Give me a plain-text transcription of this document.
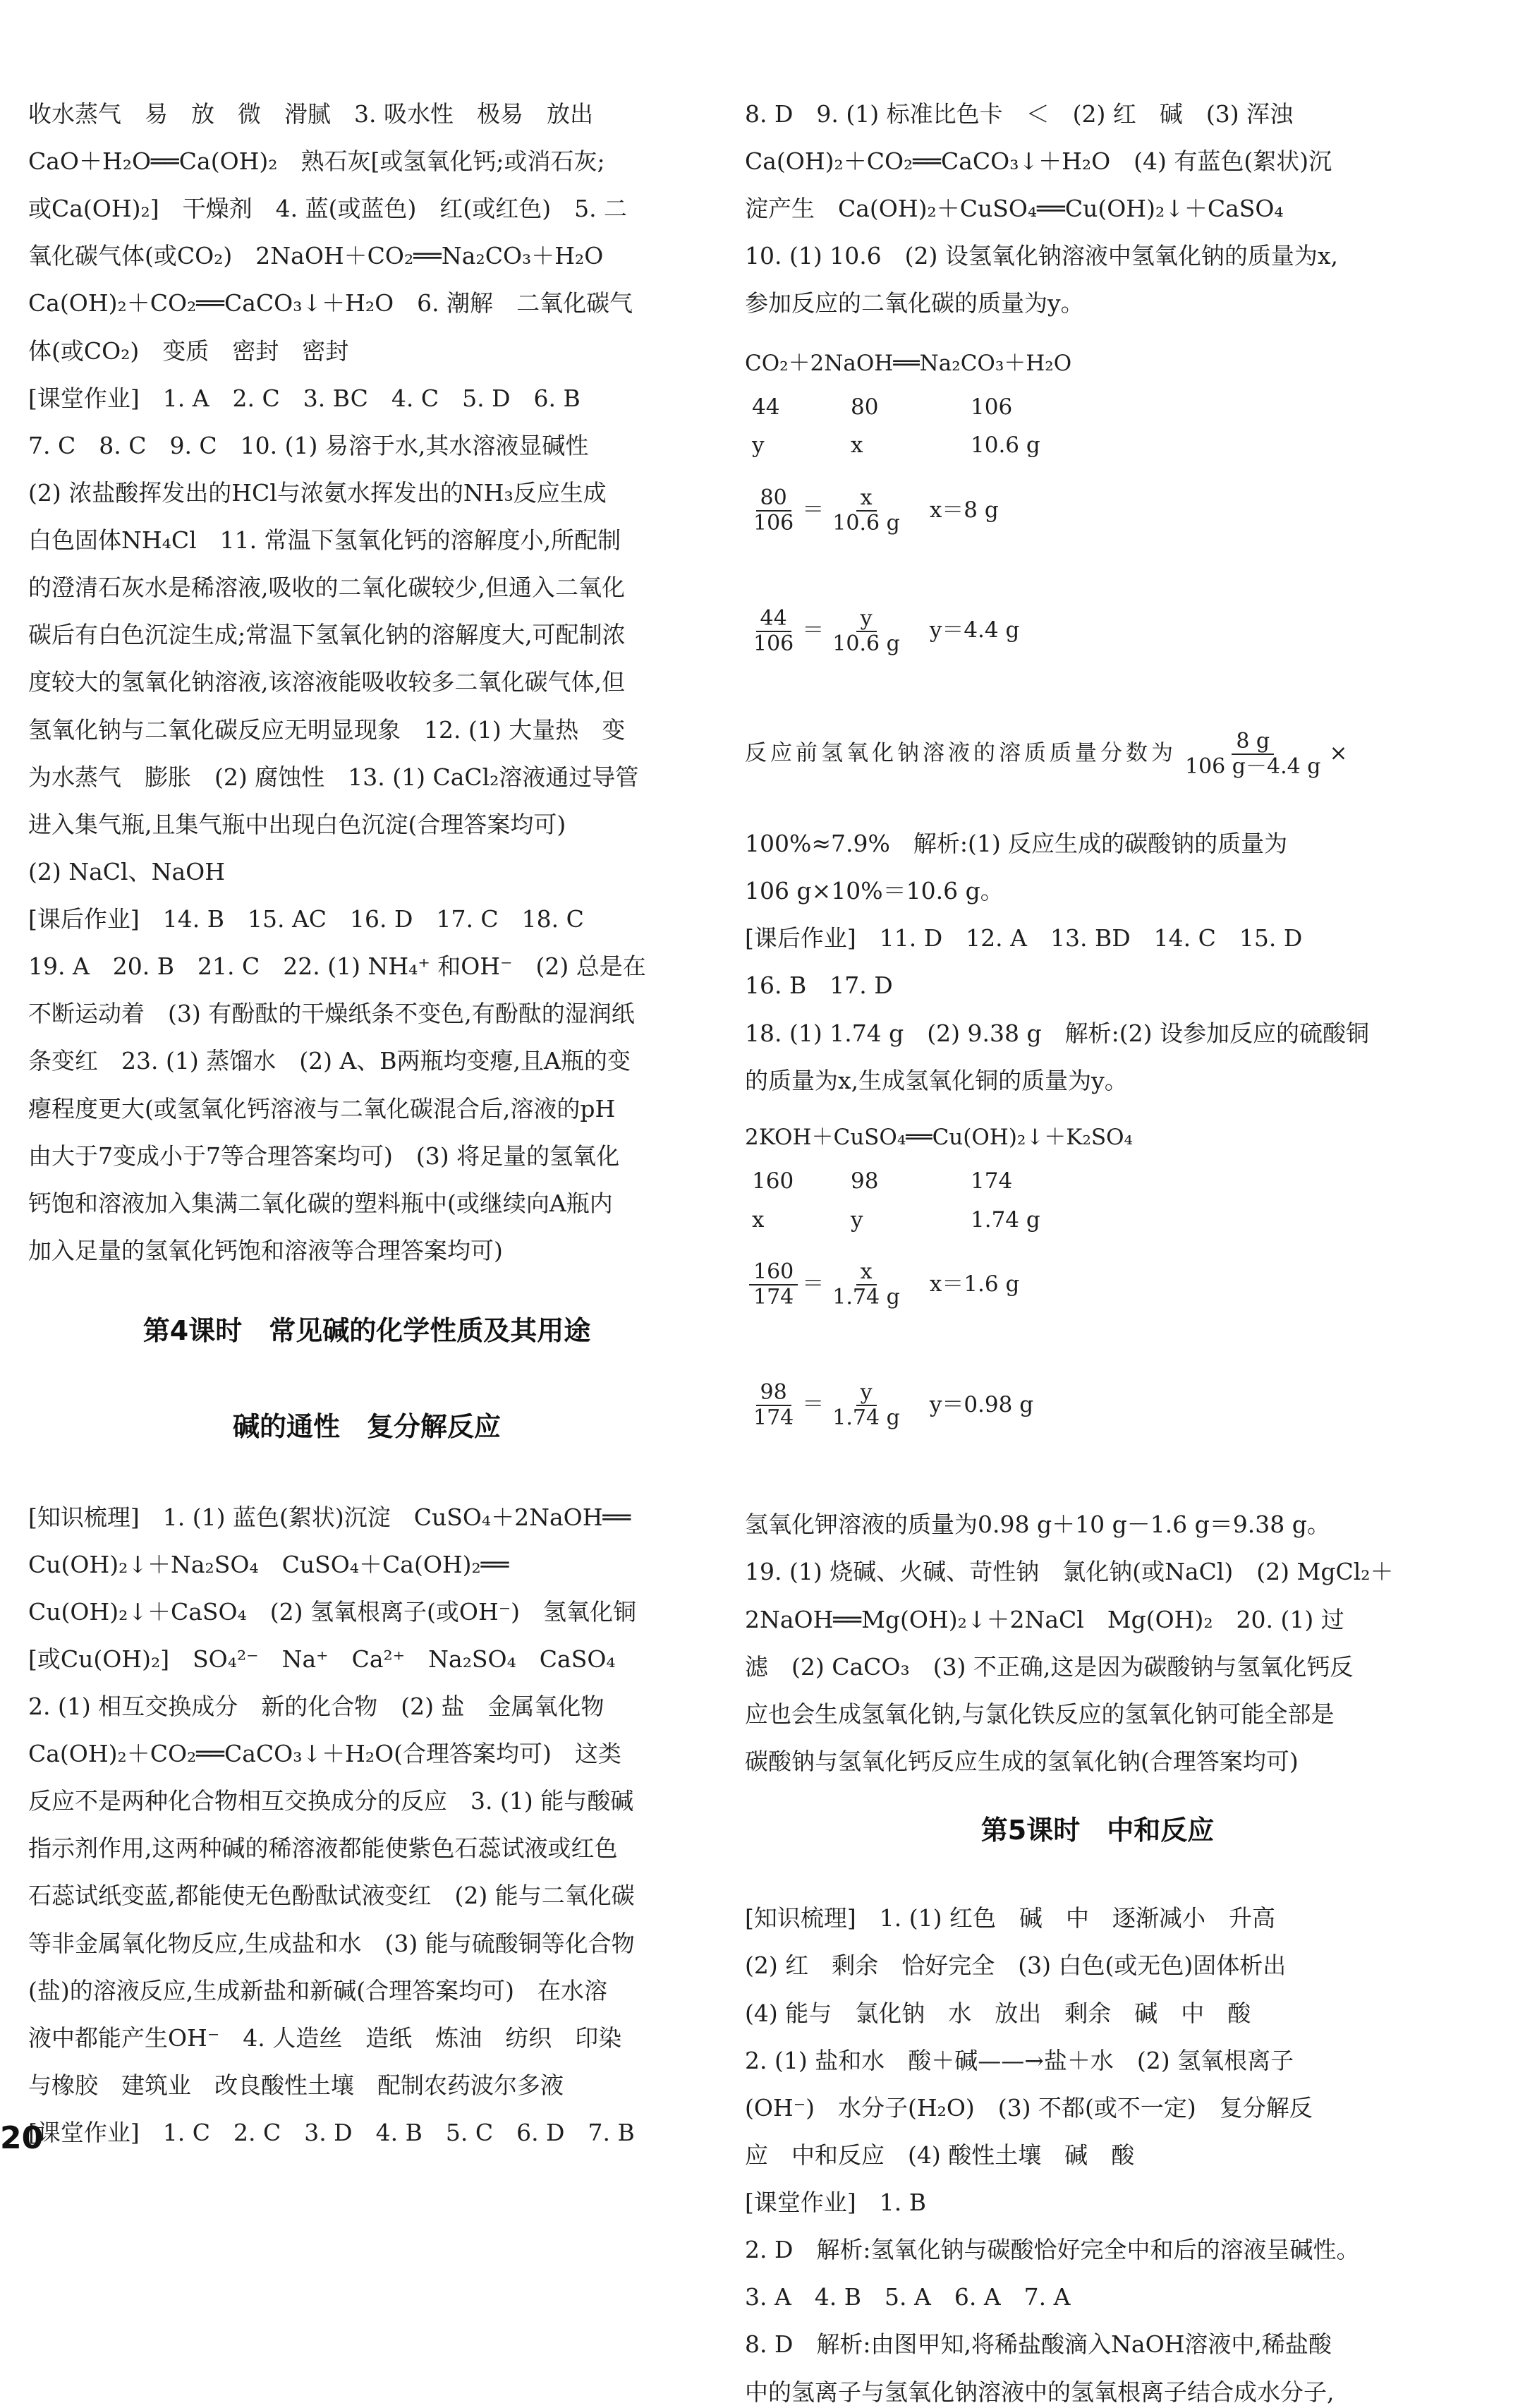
收水蒸气　易　放　微　滑腻　3. 吸水性　极易　放出
CaO＋H₂O══Ca(OH)₂　熟石灰[或氢氧化钙;或消石灰;
或Ca(OH)₂]　干燥剂　4. 蓝(或蓝色)　红(或红色)　5. 二
氧化碳气体(或CO₂)　2NaOH＋CO₂══Na₂CO₃＋H₂O
Ca(OH)₂＋CO₂══CaCO₃↓＋H₂O　6. 潮解　二氧化碳气
体(或CO₂)　变质　密封　密封
[课堂作业]　1. A　2. C　3. BC　4. C　5. D　6. B
7. C　8. C　9. C　10. (1) 易溶于水,其水溶液显碱性
(2) 浓盐酸挥发出的HCl与浓氨水挥发出的NH₃反应生成
白色固体NH₄Cl　11. 常温下氢氧化钙的溶解度小,所配制
的澄清石灰水是稀溶液,吸收的二氧化碳较少,但通入二氧化
碳后有白色沉淀生成;常温下氢氧化钠的溶解度大,可配制浓
度较大的氢氧化钠溶液,该溶液能吸收较多二氧化碳气体,但
氢氧化钠与二氧化碳反应无明显现象　12. (1) 大量热　变
为水蒸气　膨胀　(2) 腐蚀性　13. (1) CaCl₂溶液通过导管
进入集气瓶,且集气瓶中出现白色沉淀(合理答案均可)
(2) NaCl、NaOH
[课后作业]　14. B　15. AC　16. D　17. C　18. C
19. A　20. B　21. C　22. (1) NH₄⁺ 和OH⁻　(2) 总是在
不断运动着　(3) 有酚酞的干燥纸条不变色,有酚酞的湿润纸
条变红　23. (1) 蒸馏水　(2) A、B两瓶均变瘪,且A瓶的变
瘪程度更大(或氢氧化钙溶液与二氧化碳混合后,溶液的pH
由大于7变成小于7等合理答案均可)　(3) 将足量的氢氧化
钙饱和溶液加入集满二氧化碳的塑料瓶中(或继续向A瓶内
加入足量的氢氧化钙饱和溶液等合理答案均可)
第4课时　常见碱的化学性质及其用途
碱的通性　复分解反应
[知识梳理]　1. (1) 蓝色(絮状)沉淀　CuSO₄＋2NaOH══
Cu(OH)₂↓＋Na₂SO₄　CuSO₄＋Ca(OH)₂══
Cu(OH)₂↓＋CaSO₄　(2) 氢氧根离子(或OH⁻)　氢氧化铜
[或Cu(OH)₂]　SO₄²⁻　Na⁺　Ca²⁺　Na₂SO₄　CaSO₄
2. (1) 相互交换成分　新的化合物　(2) 盐　金属氧化物
Ca(OH)₂＋CO₂══CaCO₃↓＋H₂O(合理答案均可)　这类
反应不是两种化合物相互交换成分的反应　3. (1) 能与酸碱
指示剂作用,这两种碱的稀溶液都能使紫色石蕊试液或红色
石蕊试纸变蓝,都能使无色酚酞试液变红　(2) 能与二氧化碳
等非金属氧化物反应,生成盐和水　(3) 能与硫酸铜等化合物
(盐)的溶液反应,生成新盐和新碱(合理答案均可)　在水溶
液中都能产生OH⁻　4. 人造丝　造纸　炼油　纺织　印染
与橡胶　建筑业　改良酸性土壤　配制农药波尔多液
[课堂作业]　1. C　2. C　3. D　4. B　5. C　6. D　7. B
8. D　9. (1) 标准比色卡　＜　(2) 红　碱　(3) 浑浊
Ca(OH)₂＋CO₂══CaCO₃↓＋H₂O　(4) 有蓝色(絮状)沉
淀产生　Ca(OH)₂＋CuSO₄══Cu(OH)₂↓＋CaSO₄
10. (1) 10.6　(2) 设氢氧化钠溶液中氢氧化钠的质量为x,
参加反应的二氧化碳的质量为y。
CO₂＋2NaOH══Na₂CO₃＋H₂O
44	80	106
y	x	10.6 g
$\frac{80}{106} = \frac{x}{10.6 g} x=8$ g
$\frac{44}{106} = \frac{y}{10.6 g} y=4.4$ g
反应前氢氧化钠溶液的溶质质量分数为 $\frac{8 g}{106 g-4.4 g}$ ×
100%≈7.9%　解析:(1) 反应生成的碳酸钠的质量为
106 g×10%＝10.6 g。
[课后作业]　11. D　12. A　13. BD　14. C　15. D
16. B　17. D
18. (1) 1.74 g　(2) 9.38 g　解析:(2) 设参加反应的硫酸铜
的质量为x,生成氢氧化铜的质量为y。
2KOH＋CuSO₄══Cu(OH)₂↓＋K₂SO₄
160	98	174
x	y	1.74 g
$\frac{160}{174} = \frac{x}{1.74 g} x=1.6$ g
$\frac{98}{174} = \frac{y}{1.74 g} y=0.98$ g
氢氧化钾溶液的质量为0.98 g＋10 g－1.6 g＝9.38 g。
19. (1) 烧碱、火碱、苛性钠　氯化钠(或NaCl)　(2) MgCl₂＋
2NaOH══Mg(OH)₂↓＋2NaCl　Mg(OH)₂　20. (1) 过
滤　(2) CaCO₃　(3) 不正确,这是因为碳酸钠与氢氧化钙反
应也会生成氢氧化钠,与氯化铁反应的氢氧化钠可能全部是
碳酸钠与氢氧化钙反应生成的氢氧化钠(合理答案均可)
第5课时　中和反应
[知识梳理]　1. (1) 红色　碱　中　逐渐减小　升高
(2) 红　剩余　恰好完全　(3) 白色(或无色)固体析出
(4) 能与　氯化钠　水　放出　剩余　碱　中　酸
2. (1) 盐和水　酸＋碱——→盐＋水　(2) 氢氧根离子
(OH⁻)　水分子(H₂O)　(3) 不都(或不一定)　复分解反
应　中和反应　(4) 酸性土壤　碱　酸
[课堂作业]　1. B
2. D　解析:氢氧化钠与碳酸恰好完全中和后的溶液呈碱性。
3. A　4. B　5. A　6. A　7. A
8. D　解析:由图甲知,将稀盐酸滴入NaOH溶液中,稀盐酸
中的氢离子与氢氧化钠溶液中的氢氧根离子结合成水分子,
20
